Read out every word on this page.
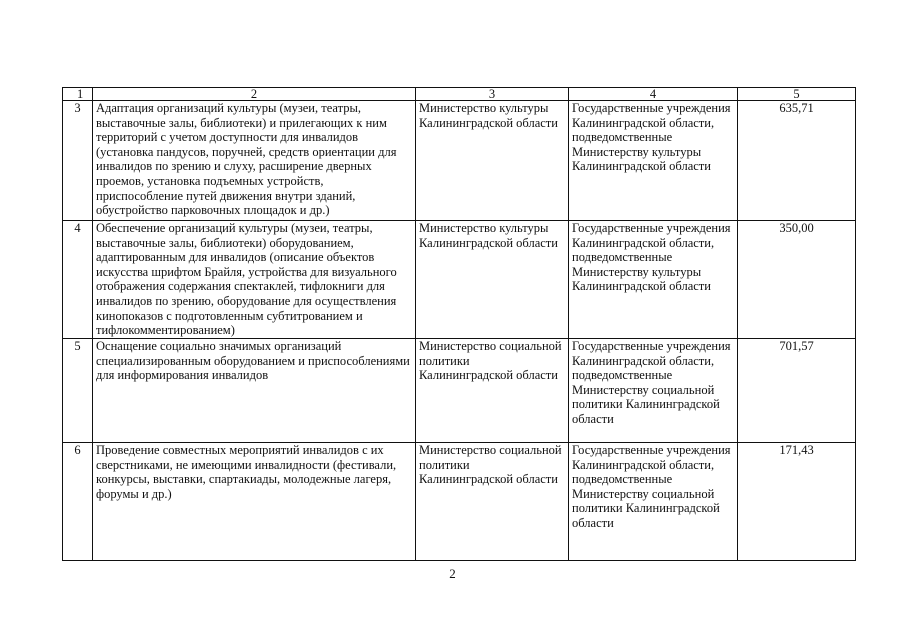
1	2	3	4	5
3	Адаптация организаций культуры (музеи, театры, выставочные залы, библиотеки) и прилегающих к ним территорий с учетом доступности для инвалидов (установка пандусов, поручней, средств ориентации для инвалидов по зрению и слуху, расширение дверных проемов, установка подъемных устройств, приспособление путей движения внутри зданий, обустройство парковочных площадок и др.)	Министерство культуры Калининградской области	Государственные учреждения Калининградской области, подведомственные Министерству культуры Калининградской области	635,71
4	Обеспечение организаций культуры (музеи, театры, выставочные залы, библиотеки) оборудованием, адаптированным для инвалидов (описание объектов искусства шрифтом Брайля, устройства для визуального отображения содержания спектаклей, тифлокниги для инвалидов по зрению, оборудование для осуществления кинопоказов с подготовленным субтитрованием и тифлокомментированием)	Министерство культуры Калининградской области	Государственные учреждения Калининградской области, подведомственные Министерству культуры Калининградской области	350,00
5	Оснащение социально значимых организаций специализированным оборудованием и приспособлениями для информирования инвалидов	Министерство социальной политики Калининградской области	Государственные учреждения Калининградской области, подведомственные Министерству социальной политики Калининградской области	701,57
6	Проведение совместных мероприятий инвалидов с их сверстниками, не имеющими инвалидности (фестивали, конкурсы, выставки, спартакиады, молодежные лагеря, форумы и др.)	Министерство социальной политики Калининградской области	Государственные учреждения Калининградской области, подведомственные Министерству социальной политики Калининградской области	171,43
2
